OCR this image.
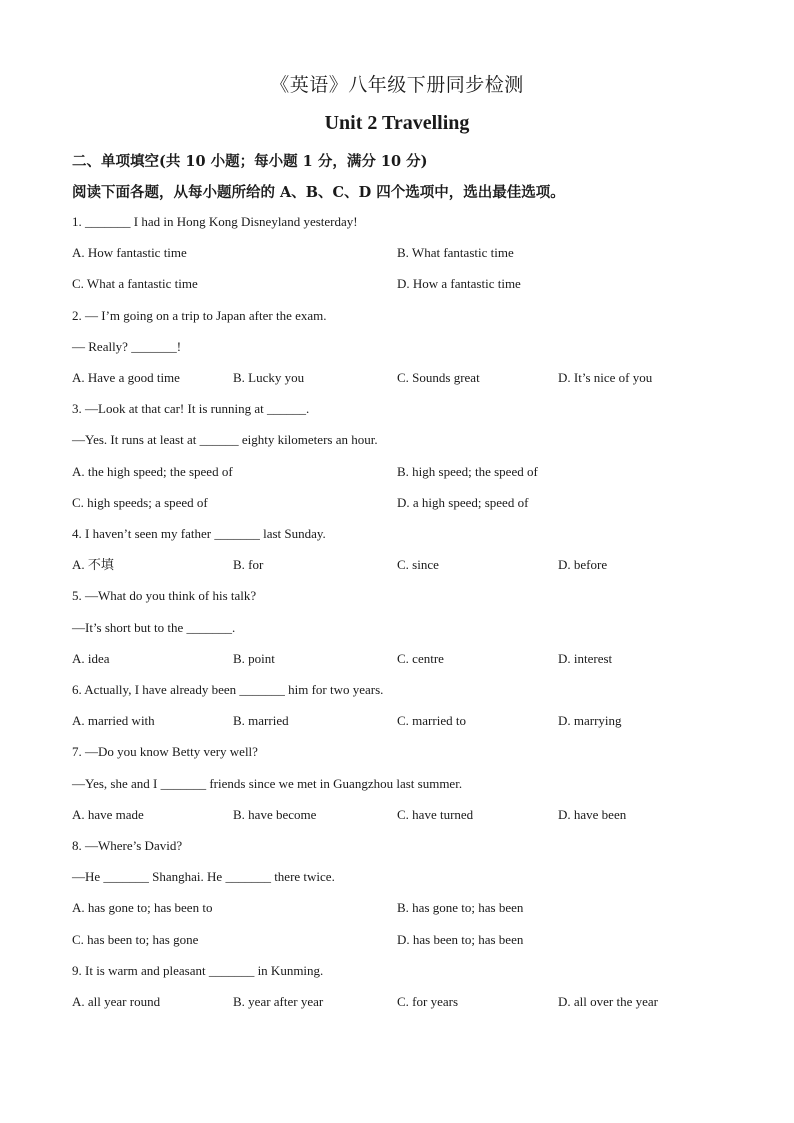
《英语》八年级下册同步检测
Unit 2 Travelling
二、单项填空(共 10 小题；每小题 1 分，满分 10 分)
阅读下面各题，从每小题所给的 A、B、C、D 四个选项中，选出最佳选项。
1. _______ I had in Hong Kong Disneyland yesterday!
A. How fantastic time	B. What fantastic time
C. What a fantastic time	D. How a fantastic time
2. — I’m going on a trip to Japan after the exam.
— Really? _______!
A. Have a good time	B. Lucky you	C. Sounds great	D. It’s nice of you
3. —Look at that car! It is running at ______.
—Yes. It runs at least at ______ eighty kilometers an hour.
A. the high speed; the speed of	B. high speed; the speed of
C. high speeds; a speed of	D. a high speed; speed of
4. I haven’t seen my father _______ last Sunday.
A. 不填	B. for	C. since	D. before
5. —What do you think of his talk?
—It’s short but to the _______.
A. idea	B. point	C. centre	D. interest
6. Actually, I have already been _______ him for two years.
A. married with	B. married	C. married to	D. marrying
7. —Do you know Betty very well?
—Yes, she and I _______ friends since we met in Guangzhou last summer.
A. have made	B. have become	C. have turned	D. have been
8. —Where’s David?
—He _______ Shanghai. He _______ there twice.
A. has gone to; has been to	B. has gone to; has been
C. has been to; has gone	D. has been to; has been
9. It is warm and pleasant _______ in Kunming.
A. all year round	B. year after year	C. for years	D. all over the year
